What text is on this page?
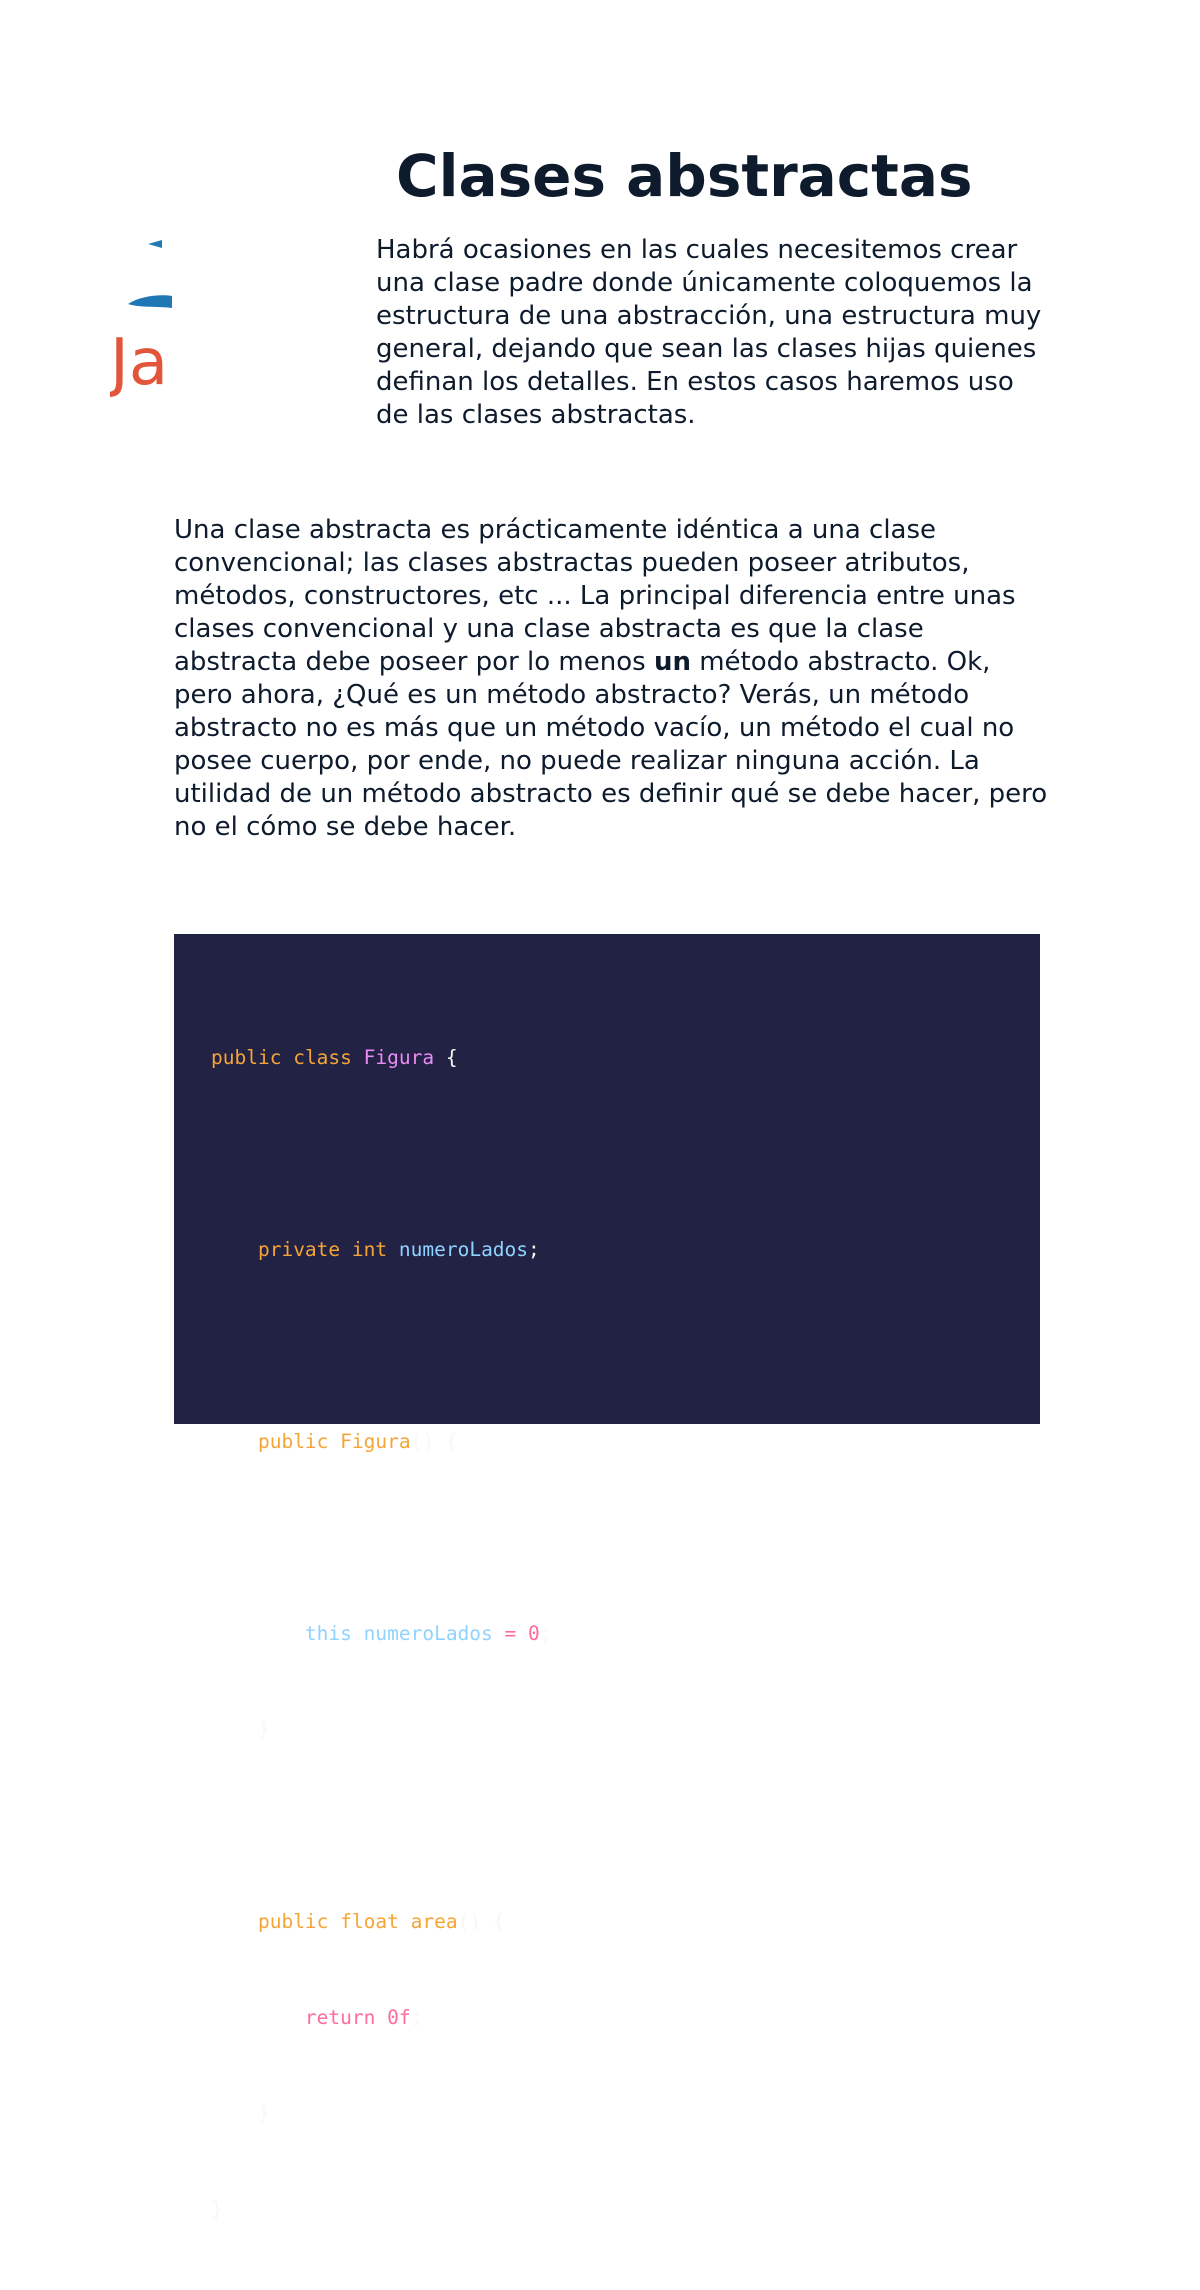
Ja
Clases abstractas

Habrá ocasiones en las cuales necesitemos crear una clase padre donde únicamente coloquemos la estructura de una abstracción, una estructura muy general, dejando que sean las clases hijas quienes definan los detalles. En estos casos haremos uso de las clases abstractas.

Una clase abstracta es prácticamente idéntica a una clase convencional; las clases abstractas pueden poseer atributos, métodos, constructores, etc ... La principal diferencia entre unas clases convencional y una clase abstracta es que la clase abstracta debe poseer por lo menos un método abstracto. Ok, pero ahora, ¿Qué es un método abstracto? Verás, un método abstracto no es más que un método vacío, un método el cual no posee cuerpo, por ende, no puede realizar ninguna acción. La utilidad de un método abstracto es definir qué se debe hacer, pero no el cómo se debe hacer.

public class Figura {

private int numeroLados;

public Figura() {

this.numeroLados = 0;

}

public float area() {

return 0f;

}

}
